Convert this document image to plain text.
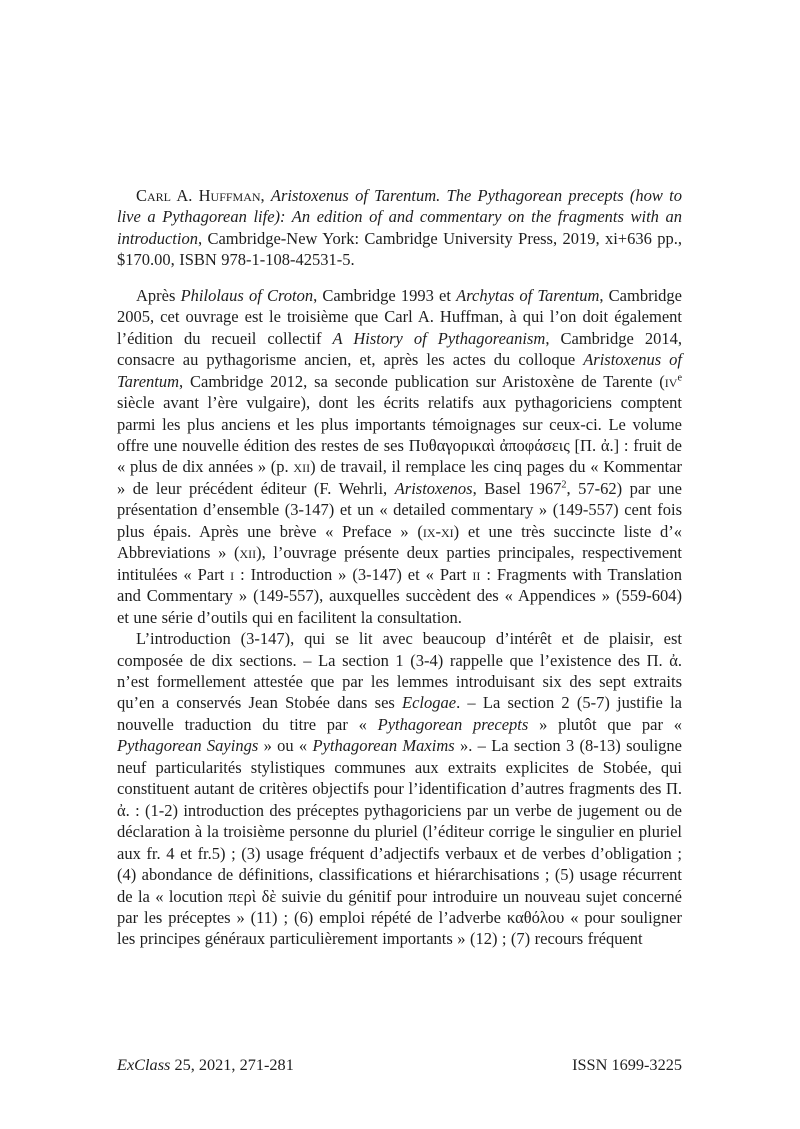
Carl A. Huffman, Aristoxenus of Tarentum. The Pythagorean precepts (how to live a Pythagorean life): An edition of and commentary on the fragments with an introduction, Cambridge-New York: Cambridge University Press, 2019, xi+636 pp., $170.00, ISBN 978-1-108-42531-5.

Après Philolaus of Croton, Cambridge 1993 et Archytas of Tarentum, Cambridge 2005, cet ouvrage est le troisième que Carl A. Huffman, à qui l’on doit également l’édition du recueil collectif A History of Pythagoreanism, Cambridge 2014, consacre au pythagorisme ancien, et, après les actes du colloque Aristoxenus of Tarentum, Cambridge 2012, sa seconde publication sur Aristoxène de Tarente ($iv^e$ siècle avant l’ère vulgaire), dont les écrits relatifs aux pythagoriciens comptent parmi les plus anciens et les plus importants témoignages sur ceux-ci. Le volume offre une nouvelle édition des restes de ses Πυθαγορικαὶ ἀποφάσεις [Π. ἀ.] : fruit de « plus de dix années » (p. xii) de travail, il remplace les cinq pages du « Kommentar » de leur précédent éditeur (F. Wehrli, Aristoxenos, Basel 1967$^2$, 57-62) par une présentation d’ensemble (3-147) et un « detailed commentary » (149-557) cent fois plus épais. Après une brève « Preface » (ix-xi) et une très succincte liste d’« Abbreviations » (xii), l’ouvrage présente deux parties principales, respectivement intitulées « Part i : Introduction » (3-147) et « Part ii : Fragments with Translation and Commentary » (149-557), auxquelles succèdent des « Appendices » (559-604) et une série d’outils qui en facilitent la consultation.

L’introduction (3-147), qui se lit avec beaucoup d’intérêt et de plaisir, est composée de dix sections. – La section 1 (3-4) rappelle que l’existence des Π. ἀ. n’est formellement attestée que par les lemmes introduisant six des sept extraits qu’en a conservés Jean Stobée dans ses Eclogae. – La section 2 (5-7) justifie la nouvelle traduction du titre par « Pythagorean precepts » plutôt que par « Pythagorean Sayings » ou « Pythagorean Maxims ». – La section 3 (8-13) souligne neuf particularités stylistiques communes aux extraits explicites de Stobée, qui constituent autant de critères objectifs pour l’identification d’autres fragments des Π. ἀ. : (1-2) introduction des préceptes pythagoriciens par un verbe de jugement ou de déclaration à la troisième personne du pluriel (l’éditeur corrige le singulier en pluriel aux fr. 4 et fr.5) ; (3) usage fréquent d’adjectifs verbaux et de verbes d’obligation ; (4) abondance de définitions, classifications et hiérarchisations ; (5) usage récurrent de la « locution περὶ δὲ suivie du génitif pour introduire un nouveau sujet concerné par les préceptes » (11) ; (6) emploi répété de l’adverbe καθόλου « pour souligner les principes généraux particulièrement importants » (12) ; (7) recours fréquent

ExClass 25, 2021, 271-281	ISSN 1699-3225
